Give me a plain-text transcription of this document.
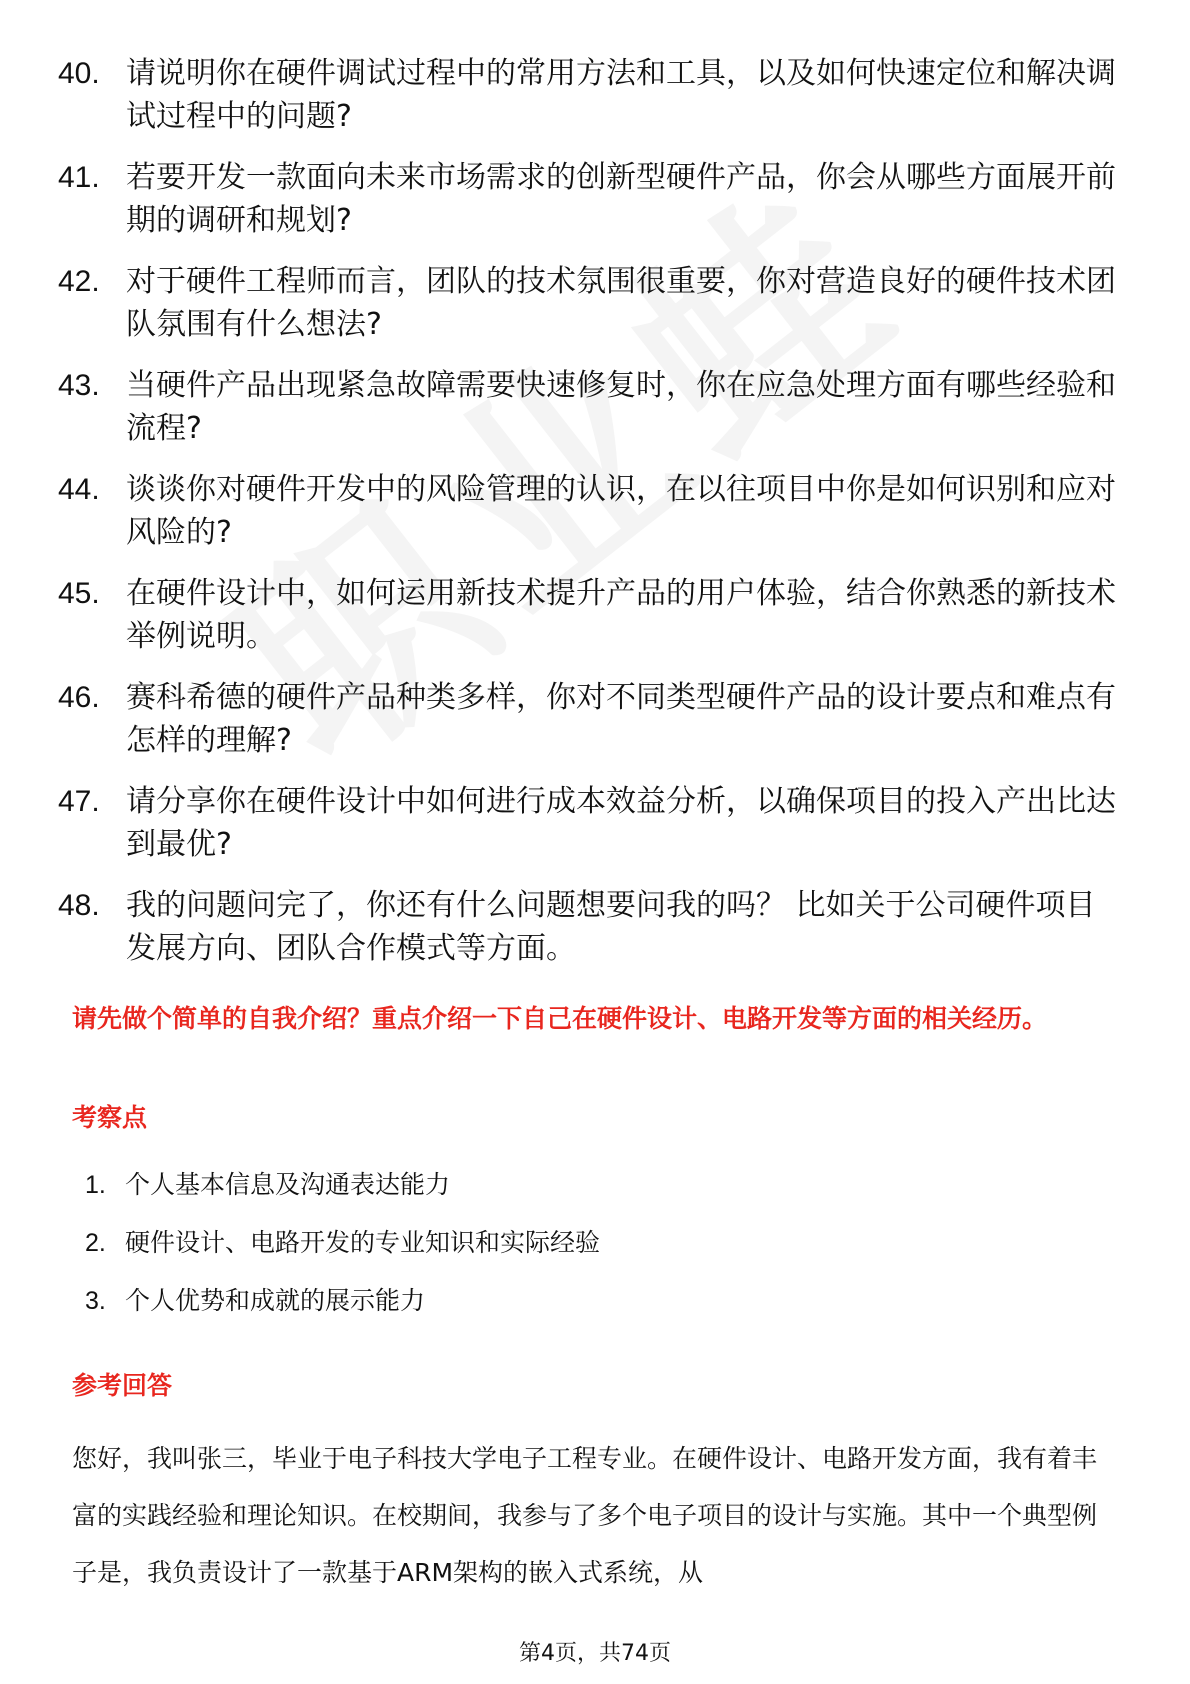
40. 请说明你在硬件调试过程中的常用方法和工具，以及如何快速定位和解决调试过程中的问题?
41. 若要开发一款面向未来市场需求的创新型硬件产品，你会从哪些方面展开前期的调研和规划?
42. 对于硬件工程师而言，团队的技术氛围很重要，你对营造良好的硬件技术团队氛围有什么想法?
43. 当硬件产品出现紧急故障需要快速修复时，你在应急处理方面有哪些经验和流程?
44. 谈谈你对硬件开发中的风险管理的认识，在以往项目中你是如何识别和应对风险的?
45. 在硬件设计中，如何运用新技术提升产品的用户体验，结合你熟悉的新技术举例说明。
46. 赛科希德的硬件产品种类多样，你对不同类型硬件产品的设计要点和难点有怎样的理解?
47. 请分享你在硬件设计中如何进行成本效益分析，以确保项目的投入产出比达到最优?
48. 我的问题问完了，你还有什么问题想要问我的吗？ 比如关于公司硬件项目发展方向、团队合作模式等方面。
请先做个简单的自我介绍？重点介绍一下自己在硬件设计、电路开发等方面的相关经历。
考察点
1. 个人基本信息及沟通表达能力
2. 硬件设计、电路开发的专业知识和实际经验
3. 个人优势和成就的展示能力
参考回答

您好，我叫张三，毕业于电子科技大学电子工程专业。在硬件设计、电路开发方面，我有着丰富的实践经验和理论知识。在校期间，我参与了多个电子项目的设计与实施。其中一个典型例子是，我负责设计了一款基于ARM架构的嵌入式系统，从

第4页，共74页
